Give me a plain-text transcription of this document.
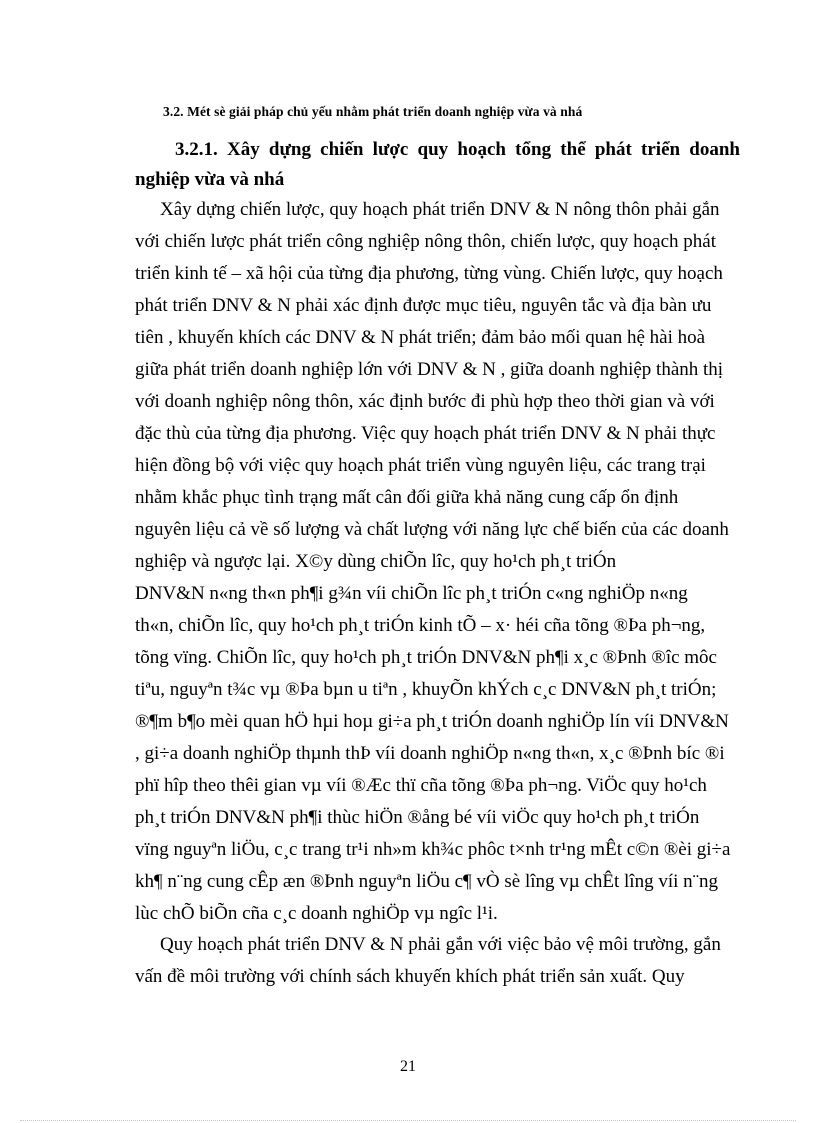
3.2. Mét sè giải pháp chủ yếu nhằm phát triển doanh nghiệp vừa và nhá
3.2.1. Xây dựng chiến lược quy hoạch tổng thể phát triển doanh
nghiệp vừa và nhá
Xây dựng chiến lược, quy hoạch phát triển DNV & N nông thôn phải gắn
với chiến lược phát triển công nghiệp nông thôn, chiến lược, quy hoạch phát
triển kinh tế – xã hội của từng địa phương, từng vùng. Chiến lược, quy hoạch
phát triển DNV & N phải xác định được mục tiêu, nguyên tắc và địa bàn ưu
tiên , khuyến khích các DNV & N phát triển; đảm bảo mối quan hệ hài hoà
giữa phát triển doanh nghiệp lớn với DNV & N , giữa doanh nghiệp thành thị
với doanh nghiệp nông thôn, xác định bước đi phù hợp theo thời gian và với
đặc thù của từng địa phương. Việc quy hoạch phát triển DNV & N phải thực
hiện đồng bộ với việc quy hoạch phát triển vùng nguyên liệu, các trang trại
nhằm khắc phục tình trạng mất cân đối giữa khả năng cung cấp ổn định
nguyên liệu cả về số lượng và chất lượng với năng lực chế biến của các doanh
nghiệp và ngược lại. X©y dùng chiÕn lîc, quy ho¹ch ph¸t triÓn
DNV&N n«ng th«n ph¶i g¾n víi chiÕn lîc ph¸t triÓn c«ng nghiÖp n«ng
th«n, chiÕn lîc, quy ho¹ch ph¸t triÓn kinh tÕ – x· héi cña tõng ®Þa ph¬ng,
tõng vïng. ChiÕn lîc, quy ho¹ch ph¸t triÓn DNV&N ph¶i x¸c ®Þnh ®îc môc
tiªu, nguyªn t¾c vµ ®Þa bµn u tiªn , khuyÕn khÝch c¸c DNV&N ph¸t triÓn;
®¶m b¶o mèi quan hÖ hµi hoµ gi÷a ph¸t triÓn doanh nghiÖp lín víi DNV&N
, gi÷a doanh nghiÖp thµnh thÞ víi doanh nghiÖp n«ng th«n, x¸c ®Þnh bíc ®i
phï hîp theo thêi gian vµ víi ®Æc thï cña tõng ®Þa ph¬ng. ViÖc quy ho¹ch
ph¸t triÓn DNV&N ph¶i thùc hiÖn ®ång bé víi viÖc quy ho¹ch ph¸t triÓn
vïng nguyªn liÖu, c¸c trang tr¹i nh»m kh¾c phôc t×nh tr¹ng mÊt c©n ®èi gi÷a
kh¶ n¨ng cung cÊp æn ®Þnh nguyªn liÖu c¶ vÒ sè lîng vµ chÊt lîng víi n¨ng
lùc chÕ biÕn cña c¸c doanh nghiÖp vµ ngîc l¹i.
Quy hoạch phát triển DNV & N phải gắn với việc bảo vệ môi trường, gắn
vấn đề môi trường với chính sách khuyến khích phát triển sản xuất. Quy
21
